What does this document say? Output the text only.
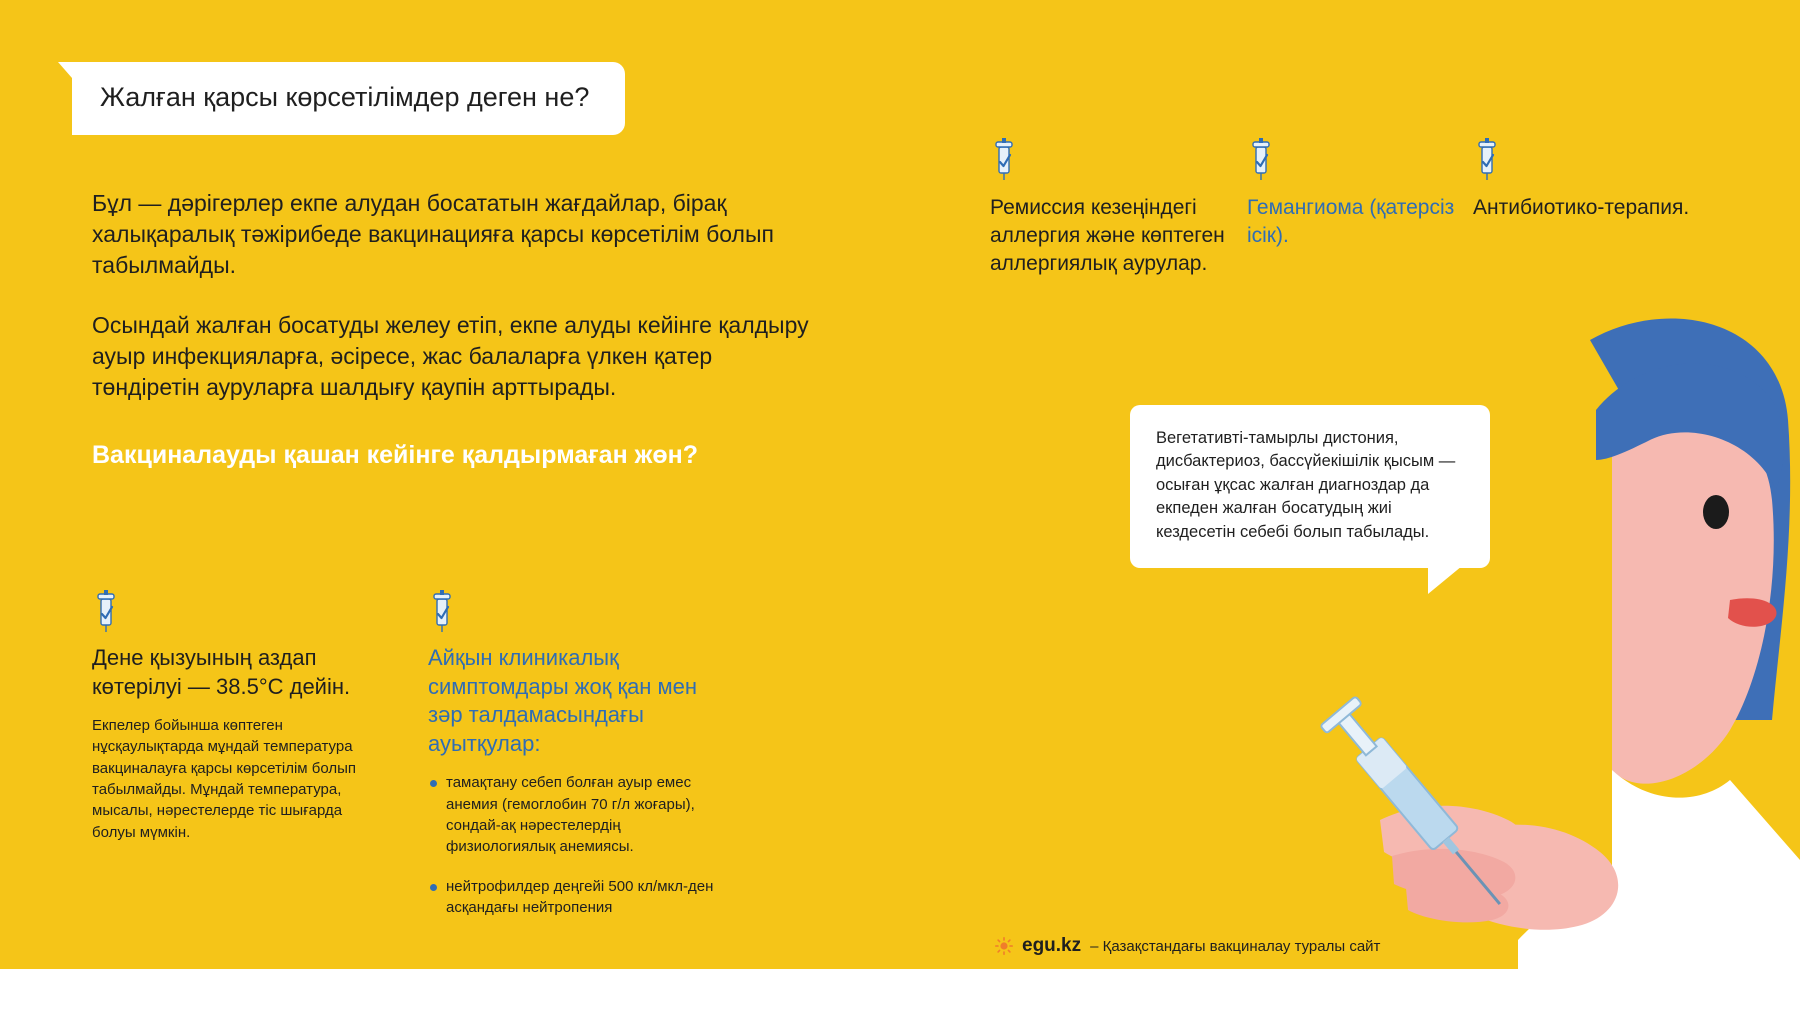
Жалған қарсы көрсетілімдер деген не?

Бұл — дәрігерлер екпе алудан босататын жағдайлар, бірақ халықаралық тәжірибеде вакцинацияға қарсы көрсетілім болып табылмайды.

Осындай жалған босатуды желеу етіп, екпе алуды кейінге қалдыру ауыр инфекцияларға, әсіресе, жас балаларға үлкен қатер төндіретін ауруларға шалдығу қаупін арттырады.

Вакциналауды қашан кейінге қалдырмаған жөн?
Дене қызуының аздап көтерілуі — 38.5°C дейін.
Екпелер бойынша көптеген нұсқаулықтарда мұндай температура вакциналауға қарсы көрсетілім болып табылмайды. Мұндай температура, мысалы, нәрестелерде тіс шығарда болуы мүмкін.
Айқын клиникалық симптомдары жоқ қан мен зәр талдамасындағы ауытқулар:
тамақтану себеп болған ауыр емес анемия (гемоглобин 70 г/л жоғары), сондай-ақ нәрестелердің физиологиялық анемиясы.
нейтрофилдер деңгейі 500 кл/мкл-ден асқандағы нейтропения
Ремиссия кезеңіндегі аллергия және көптеген аллергиялық аурулар.
Гемангиома (қатерсіз ісік).
Антибиотико-терапия.
Вегетативті-тамырлы дистония, дисбактериоз, бассүйекішілік қысым — осыған ұқсас жалған диагноздар да екпеден жалған босатудың жиі кездесетін себебі болып табылады.
egu.kz – Қазақстандағы вакциналау туралы сайт
